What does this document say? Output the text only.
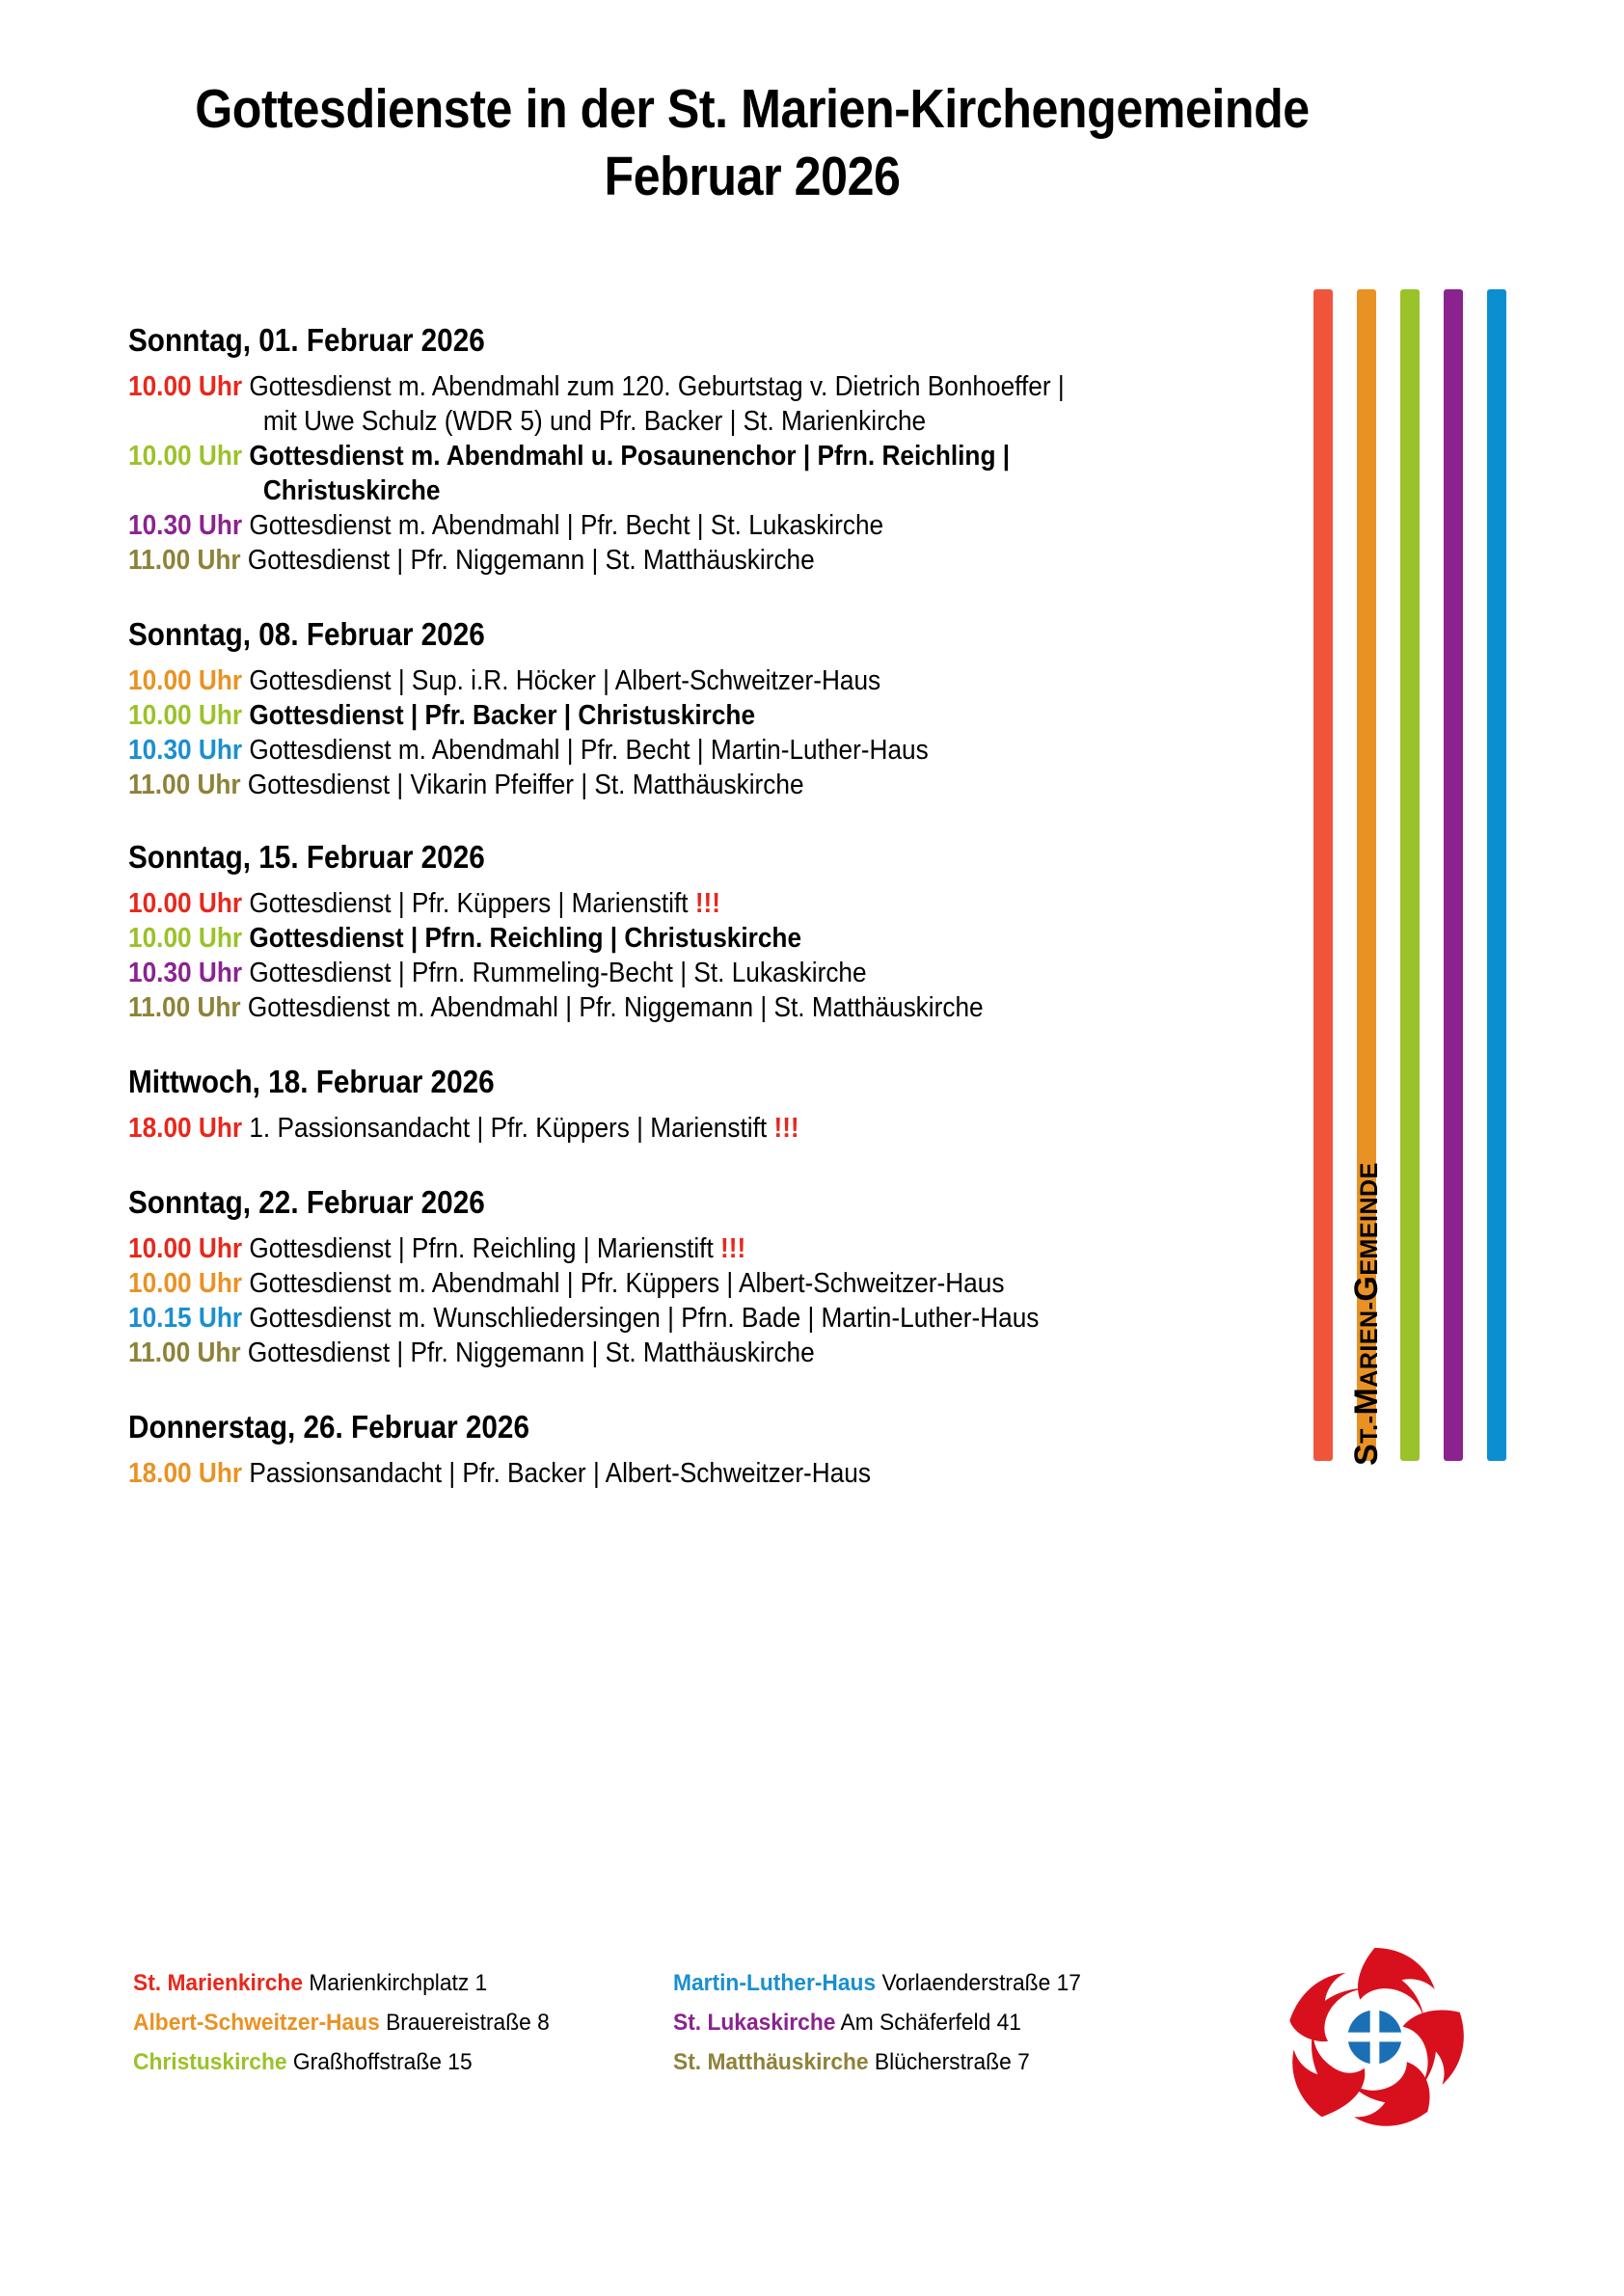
Gottesdienste in der St. Marien-Kirchengemeinde
Februar 2026
ST.-MARIEN-GEMEINDE
Sonntag, 01. Februar 2026
10.00 Uhr Gottesdienst m. Abendmahl zum 120. Geburtstag v. Dietrich Bonhoeffer |
mit Uwe Schulz (WDR 5) und Pfr. Backer | St. Marienkirche
10.00 Uhr Gottesdienst m. Abendmahl u. Posaunenchor | Pfrn. Reichling |
Christuskirche
10.30 Uhr Gottesdienst m. Abendmahl | Pfr. Becht | St. Lukaskirche
11.00 Uhr Gottesdienst | Pfr. Niggemann | St. Matthäuskirche
Sonntag, 08. Februar 2026
10.00 Uhr Gottesdienst | Sup. i.R. Höcker | Albert-Schweitzer-Haus
10.00 Uhr Gottesdienst | Pfr. Backer | Christuskirche
10.30 Uhr Gottesdienst m. Abendmahl | Pfr. Becht | Martin-Luther-Haus
11.00 Uhr Gottesdienst | Vikarin Pfeiffer | St. Matthäuskirche
Sonntag, 15. Februar 2026
10.00 Uhr Gottesdienst | Pfr. Küppers | Marienstift !!!
10.00 Uhr Gottesdienst | Pfrn. Reichling | Christuskirche
10.30 Uhr Gottesdienst | Pfrn. Rummeling-Becht | St. Lukaskirche
11.00 Uhr Gottesdienst m. Abendmahl | Pfr. Niggemann | St. Matthäuskirche
Mittwoch, 18. Februar 2026
18.00 Uhr 1. Passionsandacht | Pfr. Küppers | Marienstift !!!
Sonntag, 22. Februar 2026
10.00 Uhr Gottesdienst | Pfrn. Reichling | Marienstift !!!
10.00 Uhr Gottesdienst m. Abendmahl | Pfr. Küppers | Albert-Schweitzer-Haus
10.15 Uhr Gottesdienst m. Wunschliedersingen | Pfrn. Bade | Martin-Luther-Haus
11.00 Uhr Gottesdienst | Pfr. Niggemann | St. Matthäuskirche
Donnerstag, 26. Februar 2026
18.00 Uhr Passionsandacht | Pfr. Backer | Albert-Schweitzer-Haus
St. Marienkirche Marienkirchplatz 1	Martin-Luther-Haus Vorlaenderstraße 17
Albert-Schweitzer-Haus Brauereistraße 8	St. Lukaskirche Am Schäferfeld 41
Christuskirche Graßhoffstraße 15	St. Matthäuskirche Blücherstraße 7
